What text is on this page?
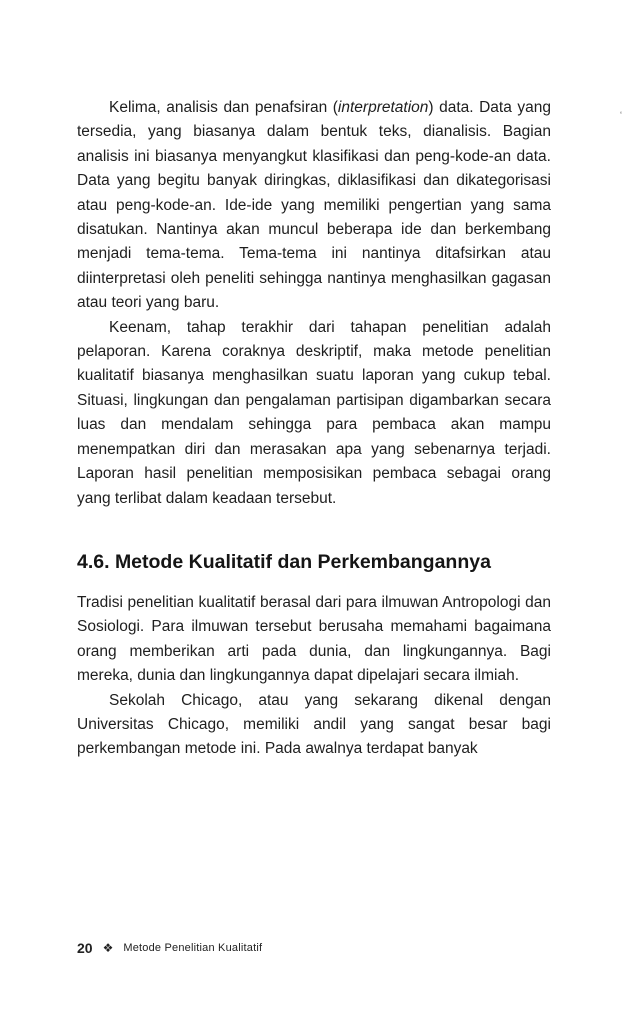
‘

Kelima, analisis dan penafsiran (interpretation) data. Data yang tersedia, yang biasanya dalam bentuk teks, dianalisis. Bagian analisis ini biasanya menyangkut klasifikasi dan peng-kode-an data. Data yang begitu banyak diringkas, diklasifikasi dan dikategorisasi atau peng-kode-an. Ide-ide yang memiliki pengertian yang sama disatukan. Nantinya akan muncul beberapa ide dan berkembang menjadi tema-tema. Tema-tema ini nantinya ditafsirkan atau diinterpretasi oleh peneliti sehingga nantinya menghasilkan gagasan atau teori yang baru.

Keenam, tahap terakhir dari tahapan penelitian adalah pelaporan. Karena coraknya deskriptif, maka metode penelitian kualitatif biasanya menghasilkan suatu laporan yang cukup tebal. Situasi, lingkungan dan pengalaman partisipan digambarkan secara luas dan mendalam sehingga para pembaca akan mampu menempatkan diri dan merasakan apa yang sebenarnya terjadi. Laporan hasil penelitian memposisikan pembaca sebagai orang yang terlibat dalam keadaan tersebut.

4.6. Metode Kualitatif dan Perkembangannya

Tradisi penelitian kualitatif berasal dari para ilmuwan Antropologi dan Sosiologi. Para ilmuwan tersebut berusaha memahami bagaimana orang memberikan arti pada dunia, dan lingkungannya. Bagi mereka, dunia dan lingkungannya dapat dipelajari secara ilmiah.

Sekolah Chicago, atau yang sekarang dikenal dengan Universitas Chicago, memiliki andil yang sangat besar bagi perkembangan metode ini. Pada awalnya terdapat banyak

20 ❖ Metode Penelitian Kualitatif
